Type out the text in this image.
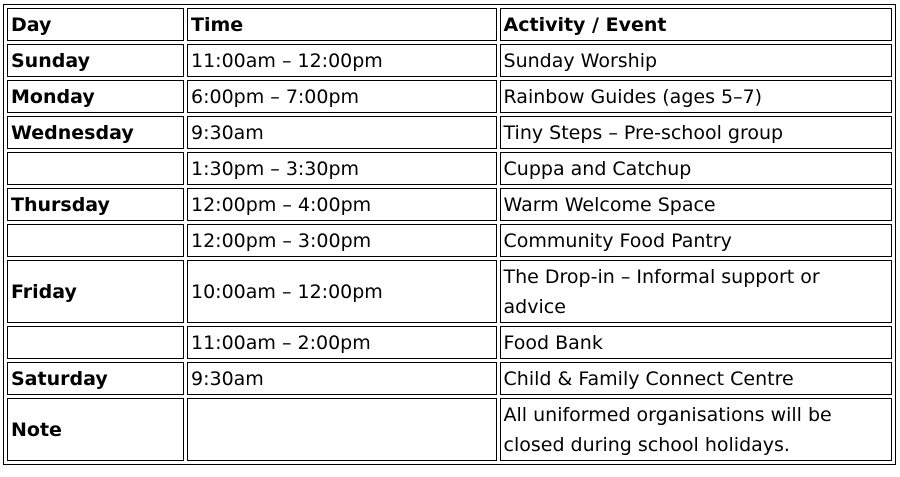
Day	Time	Activity / Event
Sunday	11:00am – 12:00pm	Sunday Worship
Monday	6:00pm – 7:00pm	Rainbow Guides (ages 5–7)
Wednesday	9:30am	Tiny Steps – Pre-school group
	1:30pm – 3:30pm	Cuppa and Catchup
Thursday	12:00pm – 4:00pm	Warm Welcome Space
	12:00pm – 3:00pm	Community Food Pantry
Friday	10:00am – 12:00pm	The Drop-in – Informal support or advice
	11:00am – 2:00pm	Food Bank
Saturday	9:30am	Child & Family Connect Centre
Note		All uniformed organisations will be closed during school holidays.
